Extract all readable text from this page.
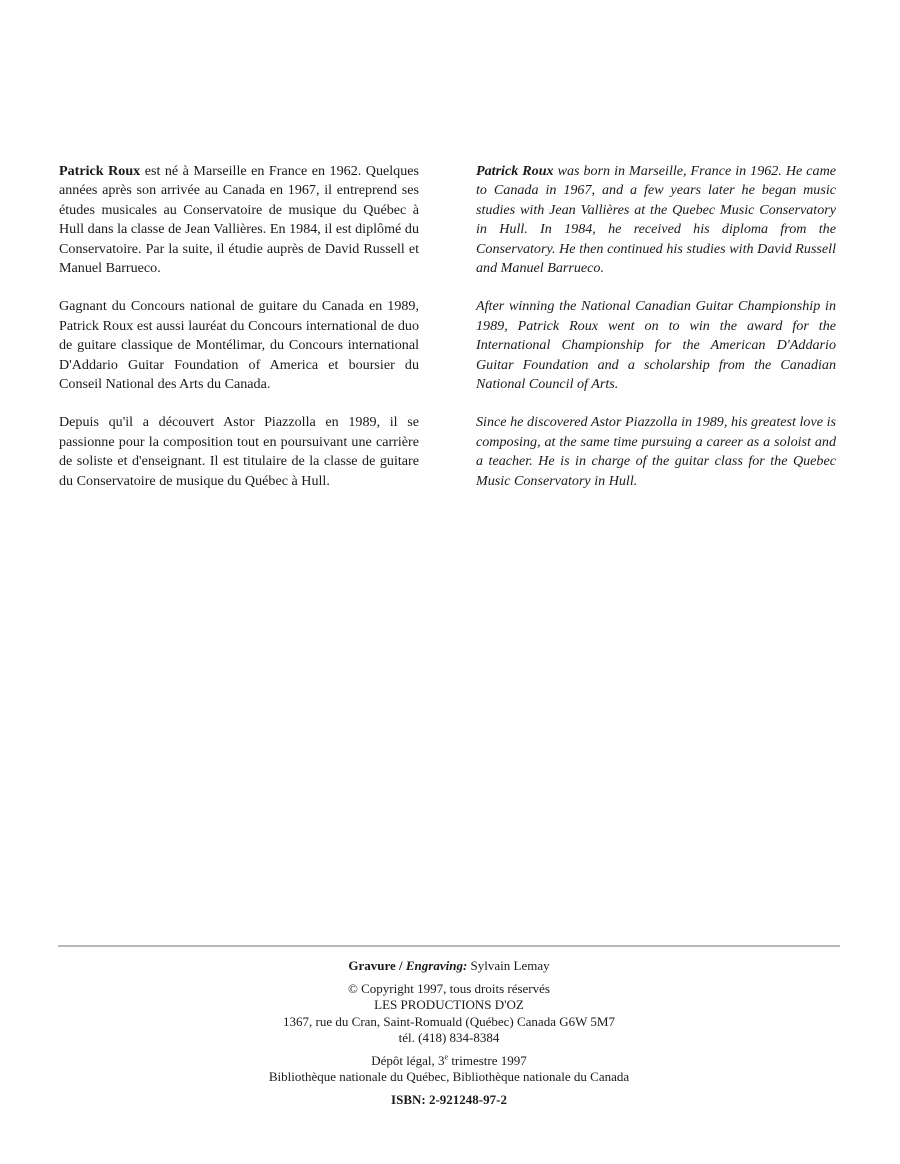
Patrick Roux est né à Marseille en France en 1962. Quelques années après son arrivée au Canada en 1967, il entreprend ses études musicales au Conservatoire de musique du Québec à Hull dans la classe de Jean Vallières. En 1984, il est diplômé du Conservatoire. Par la suite, il étudie auprès de David Russell et Manuel Barrueco.

Gagnant du Concours national de guitare du Canada en 1989, Patrick Roux est aussi lauréat du Concours international de duo de guitare classique de Montélimar, du Concours international D'Addario Guitar Foundation of America et boursier du Conseil National des Arts du Canada.

Depuis qu'il a découvert Astor Piazzolla en 1989, il se passionne pour la composition tout en poursuivant une carrière de soliste et d'enseignant. Il est titulaire de la classe de guitare du Conservatoire de musique du Québec à Hull.

Patrick Roux was born in Marseille, France in 1962. He came to Canada in 1967, and a few years later he began music studies with Jean Vallières at the Quebec Music Conservatory in Hull. In 1984, he received his diploma from the Conservatory. He then continued his studies with David Russell and Manuel Barrueco.

After winning the National Canadian Guitar Championship in 1989, Patrick Roux went on to win the award for the International Championship for the American D'Addario Guitar Foundation and a scholarship from the Canadian National Council of Arts.

Since he discovered Astor Piazzolla in 1989, his greatest love is composing, at the same time pursuing a career as a soloist and a teacher. He is in charge of the guitar class for the Quebec Music Conservatory in Hull.

Gravure / Engraving: Sylvain Lemay
© Copyright 1997, tous droits réservés
LES PRODUCTIONS D'OZ
1367, rue du Cran, Saint-Romuald (Québec) Canada G6W 5M7
tél. (418) 834-8384
Dépôt légal, 3e trimestre 1997
Bibliothèque nationale du Québec, Bibliothèque nationale du Canada
ISBN: 2-921248-97-2
